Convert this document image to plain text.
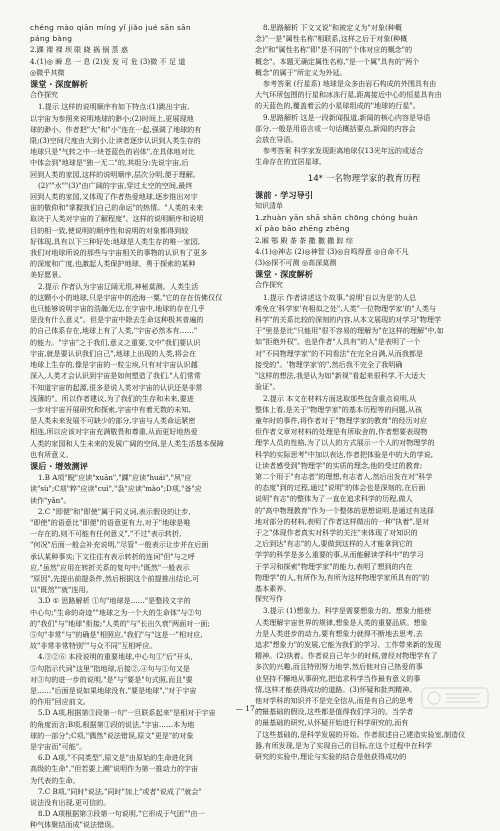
chéng mào qiān míng yǐ jiǎo jué sān sān
páng bàng
2.踝 裸 裸 坝 限 晓 祸 锅 蒸 惑
4.(1)◎ 瞬 息 一 息 (2)发 发 可 危 (3)微 不 足 道
◎微乎其微
课堂 · 深度解析
合作探究
1.提示 这样的说明顺序有如下特点:(1)跳出宇宙,
以宇宙为参照来说明地球的渺小;(2)时间上,更展现地
球的渺小。作者把"大"和"小"连在一起,强调了地球的有
限;(3)空间尺度由大到小,让读者逐步认识到人类生存的
地球只是"气转之中一块苍蓝色的岩体",在具体地对比
中体会到"地球是"独一无二"的,其组分:先说宇宙,后
回到人类的家园,这样的说明顺序,层次分明,便于理解。
(2)""水""(3)"由广阔的宇宙,穿过太空的空间,最终
回到人类的家园,又体现了作者热爱地球,逐步推出对宇
宙的敬仰和"掌握我们自己的命运"的热情。"人类的未来
取决于人类对宇宙的了解程度"。这样的说明顺序和说明
目的相一致,使说明的顺序性和说明的对象都得到较
好体现,具有以下三种好处:地球是人类生存的唯一家园,
我们对地球所说的那些与宇宙相关的事物的认识有了更多
的深度和广度,也激起人类保护地球、勇于探索的某种
美好愿景。
2.提示 作者认为宇宙辽阔无垠,神秘莫测。人类生活
的这颗小小的地球,只是宇宙中的沧海一粟,"它的存在仿佛仅仅
也只能够说明宇宙的浩瀚无边,在宇宙中,地球的存在几乎
是没有什么意义"。但是宇宙中除去生命这种极其普遍的
的自己体系存在,地球上有了人类,"宇宙必然本有……"
的能力。"宇宙"之于我们,意义之重要,文中"我们要认识
宇宙,就是要认识我们自己",地球上出现的人类,将会在
地球上生存的,像是宇宙的一粒尘埃,只有对宇宙认识越
深入,人类才会认识到宇宙是如何塑造了我们,"人们常常
不知道宇宙的起源,很多是说人类对宇宙的认识还是非常
浅薄的"。所以作者建议,为了我们的生存和未来,要进
一步对宇宙开展研究和探索,宇宙中有着无数的未知,
是人类未来发展不可缺少的部分,宇宙与人类命运紧密
相连,所以应该对宇宙充满敬畏和尊重,从而更好地热爱
人类的家园和人生未来的发展广阔的空间,是人类生活基本保障
也有所意义。
课后 · 增效测评
1.B A项"睨"应读"xuān","踝"应读"huái","夙"应
读"sù";C项"粹"应读"cuì","袅"应读"mào";D项,"备"应
读作"yǎn"。
2.C "即便"和"即使"属于同义词,表示假设的让步,
"即使"的语意比"即便"的语意更有力,对于"地球是唯
一存在的,则不可能有任何意义","不过"表示转折,
"何况"后面一般会补充说明,"尽管"一般表示让步并在后面
承认某种事实;下文往往有表示转折的连词"但"与之呼
应,"虽然"应用在转折关系的复句中;"既然"一般表示
"原因",先提出前提条件,然后根据这个前提推出结论,可
以"既然""就"连用。
3.D ① 思路解析 ①句"地球是……"是整段文字的
中心句;"生命的奇迹""地球之为一个大的生命体"与②句
的"我们"与"地球"衔接;"人类的"与"长出久衰"两面对一面;
⑤句"非常"与"的确是"相照应,"我们"与"这是一"相对应,
故"非常非常特别""与众不同"互相呼应。
4.③②⑥ 本段说明的重要地球,中心句①"后"开头,
⑤句指示代词"这里"指地球,后接②,④句与①句又是
对③句的进一步的说明,"是"与"要是"句式照,而且"要
是……"后面是说如果地球没有,"要是地球","对于宇宙
的作用"回应前文。
5.D A项,根据第③段第一句"一旦联系起来"是相对于宇宙
的角度而言;B项,根据第①段的说法,"宇宙……本为地
球的一部分";C项,"偶然"说法错误,原文"更是"的对象
是宇宙而"可能"。
6.D A项,"不同类型",原文是"由原始的生命进化到
高级的生命","但若要上溯"说明作为第一推动力的宇宙
为代表的生命。
7.C B项,"同时"说法,"同时"加上"或者"说成了"就会"
说法没有出现,更可信的。
8.D A项根据第③段第一句说明,"它形成于气团""由一
种气体聚结而成"说法错误。
8.思路解析 下文又说"和被定义为"对象(种概
念)"一是"属性名称"相联系,这样之后于对象(种概
念)"和"属性名称"即"是不同的"个体对应的概念"的
概念"。本题无确定属性名称,"是一个属"具有的"两个
概念"的属于"所定义为外延。
参考答案 (行星系) 地球是众多由岩石构成的外围具有由
大气环所包围的行星和冰冻行星,距离接近中心的恒星具有由
的天蓝色的,覆盖着云的小星球组成的"地球的行星"。
9.思路解析 这是一段新闻报道,新闻的核心内容是导语
部分,一般是用语言或一句话概括要点,新闻的内容会
会放在导语。
参考答案 科学家发现距离地球仅13光年远的或适合
生命存在的宜居星球。
14* 一名物理学家的教育历程
课前 · 学习导引
知识清单
1.zhuàn yān shā shān chōng chóng huàn
xǐ pào bāo zhēng zhēng
2.厢 鄂 殿 茶 茶 撒 撒 撒 踪 综
4.(1)◎神志 (2)◎神智 (3)◎自鸣得意 ◎自命不凡
(3)◎探不可测 ◎高深莫测
课堂 · 深度解析
合作探究
1.提示 作者讲述这个故事,"说明'自以为是'的人总
难免在'科学家'有相似之处",人类"一位物理学家'的"人类与
科学"的关系比较的深刻的内容,从本文展现的对学习"物理学
于"里是是比"只能用"很不容易的理解为"在这样的理解"中,如
如"拒绝外权"。也是作者"人具有"的人"是表明了一个
对"不同物理学家"的不同看法"在完全自满,从而我都是
接受的"。'物理学家'的",然后我不完全了我明确
"这样的想法,我是认为如"新视"看起来很科学,不大适大
验证"。
2.提示 本文在材料方面选取那些包含重点说明,从
整体上看,是关于"物理学家"的基本历程等的问题,从孩
童年时的事件,将作者对于"物理学家的教育"的经历对应
但作者文章对材料的处理是有所取舍的,作者想要表现物
理学人员的性格,为了以人的方式展示一个人的对物理学的
科学的实际思考"中加以表达,作者把体验是中的大的学说,
让读者感受到"物理学"的实质的理念,他的受过的教育;
第二个用于"有志者"的理想,有志者人,然后出发在对"科学
的态度"到的过程,通过"说明"的体会也是深刻的,在后面
说明"有志"的整体为了一直在追求科学的历程,做人
的"高中物理教育"作为一个整体的思想说明,是通过有选择
地对部分的材料,表明了作者这样做出的一种"执着",是对
于之"体现作者真实对科学的关注"来体现了对知识的
之后到达"有志"的人,要做到这样的人才能拿到它的
学学的科学是多么重要的事,从而能解读学科中"的学习
于学习和探索"物理学家"的能力,表明了想到的内在
物理学"的人,有所作为,有所为这样物理学家所具有的"的
基本素养。
探究写作
3.提示 (1)想象力。科学是需要想象力的。想象力能使
人类理解宇宙世界的规律,想象是人类的重要品质。想象
力是人类进步的动力,要有想象力就得不断地去思考,去
追求"想象力"的发展,它能为我们的学习、工作带来新的发现
精神。(2)执着。作者说自己年少的时候,曾经对物理学有了
多次的兴趣,而且特别努力地学,然后他对自己热爱的事
业坚持不懈地从事研究,把追求科学当作最有意义的事
情,这样才能获得成功的道路。(3)怀疑和批判精神。
他对学科的知识并不是完全信从,而是有自己的思考
的最基础的假设,这些都是值得我们学习的。当学者
的最基础的研究,从怀疑开始进行科学研究的,而有
了这些基础的,是科学发展的开始。作者叙述自己建造实验室,制造仪
器,有所发现,是为了实现自己的目标,在这个过程中在科学
研究的实验中,理论与实验的结合是他获得成功的
— 17 —
